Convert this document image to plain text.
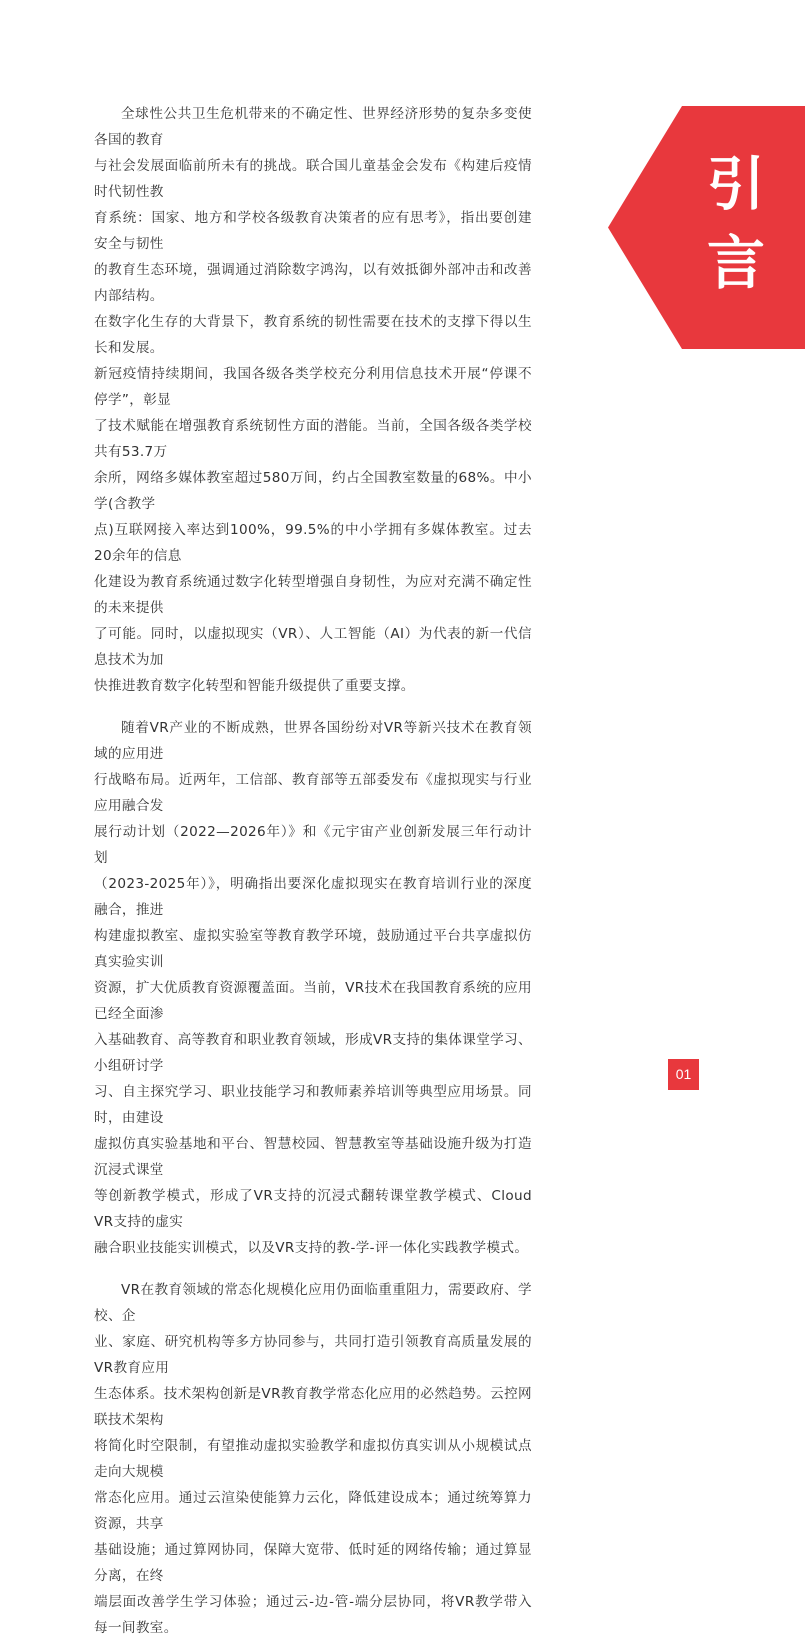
全球性公共卫生危机带来的不确定性、世界经济形势的复杂多变使各国的教育
与社会发展面临前所未有的挑战。联合国儿童基金会发布《构建后疫情时代韧性教
育系统：国家、地方和学校各级教育决策者的应有思考》，指出要创建安全与韧性
的教育生态环境，强调通过消除数字鸿沟，以有效抵御外部冲击和改善内部结构。
在数字化生存的大背景下，教育系统的韧性需要在技术的支撑下得以生长和发展。
新冠疫情持续期间，我国各级各类学校充分利用信息技术开展“停课不停学”，彰显
了技术赋能在增强教育系统韧性方面的潜能。当前，全国各级各类学校共有53.7万
余所，网络多媒体教室超过580万间，约占全国教室数量的68%。中小学(含教学
点)互联网接入率达到100%，99.5%的中小学拥有多媒体教室。过去20余年的信息
化建设为教育系统通过数字化转型增强自身韧性，为应对充满不确定性的未来提供
了可能。同时，以虚拟现实（VR）、人工智能（AI）为代表的新一代信息技术为加
快推进教育数字化转型和智能升级提供了重要支撑。

随着VR产业的不断成熟，世界各国纷纷对VR等新兴技术在教育领域的应用进
行战略布局。近两年，工信部、教育部等五部委发布《虚拟现实与行业应用融合发
展行动计划（2022—2026年）》和《元宇宙产业创新发展三年行动计划
（2023-2025年）》，明确指出要深化虚拟现实在教育培训行业的深度融合，推进
构建虚拟教室、虚拟实验室等教育教学环境，鼓励通过平台共享虚拟仿真实验实训
资源，扩大优质教育资源覆盖面。当前，VR技术在我国教育系统的应用已经全面渗
入基础教育、高等教育和职业教育领域，形成VR支持的集体课堂学习、小组研讨学
习、自主探究学习、职业技能学习和教师素养培训等典型应用场景。同时，由建设
虚拟仿真实验基地和平台、智慧校园、智慧教室等基础设施升级为打造沉浸式课堂
等创新教学模式，形成了VR支持的沉浸式翻转课堂教学模式、Cloud VR支持的虚实
融合职业技能实训模式，以及VR支持的教-学-评一体化实践教学模式。

VR在教育领域的常态化规模化应用仍面临重重阻力，需要政府、学校、企
业、家庭、研究机构等多方协同参与，共同打造引领教育高质量发展的VR教育应用
生态体系。技术架构创新是VR教育教学常态化应用的必然趋势。云控网联技术架构
将简化时空限制，有望推动虚拟实验教学和虚拟仿真实训从小规模试点走向大规模
常态化应用。通过云渲染使能算力云化，降低建设成本；通过统筹算力资源，共享
基础设施；通过算网协同，保障大宽带、低时延的网络传输；通过算显分离，在终
端层面改善学生学习体验；通过云-边-管-端分层协同，将VR教学带入每一间教室。

引
言
01
